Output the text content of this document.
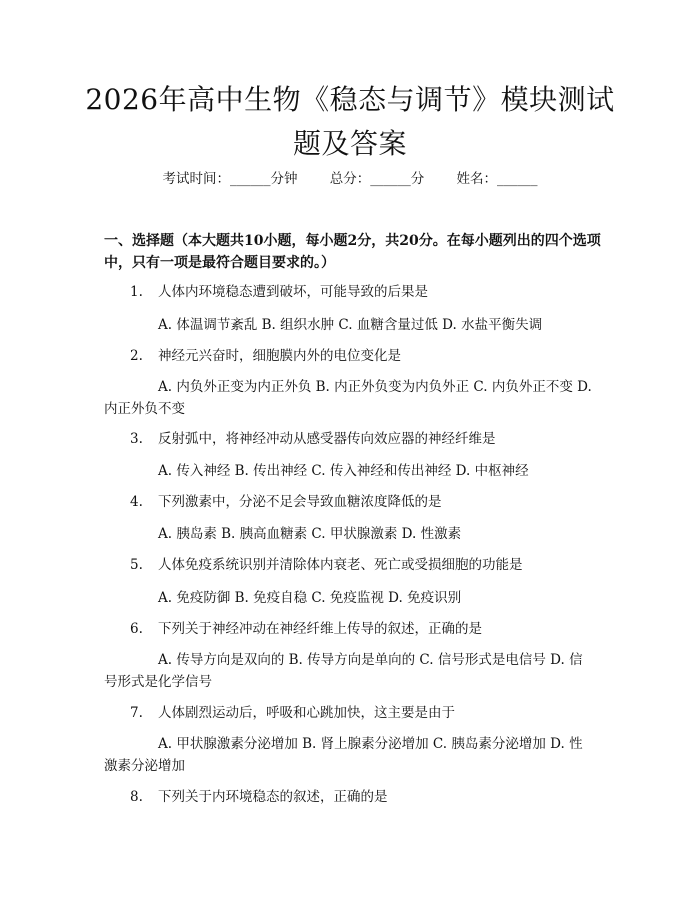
2026年高中生物《稳态与调节》模块测试题及答案
考试时间：______分钟 总分：______分 姓名：______
一、选择题（本大题共10小题，每小题2分，共20分。在每小题列出的四个选项中，只有一项是最符合题目要求的。）
1. 人体内环境稳态遭到破坏，可能导致的后果是
A. 体温调节紊乱 B. 组织水肿 C. 血糖含量过低 D. 水盐平衡失调
2. 神经元兴奋时，细胞膜内外的电位变化是
A. 内负外正变为内正外负 B. 内正外负变为内负外正 C. 内负外正不变 D. 内正外负不变
3. 反射弧中，将神经冲动从感受器传向效应器的神经纤维是
A. 传入神经 B. 传出神经 C. 传入神经和传出神经 D. 中枢神经
4. 下列激素中，分泌不足会导致血糖浓度降低的是
A. 胰岛素 B. 胰高血糖素 C. 甲状腺激素 D. 性激素
5. 人体免疫系统识别并清除体内衰老、死亡或受损细胞的功能是
A. 免疫防御 B. 免疫自稳 C. 免疫监视 D. 免疫识别
6. 下列关于神经冲动在神经纤维上传导的叙述，正确的是
A. 传导方向是双向的 B. 传导方向是单向的 C. 信号形式是电信号 D. 信号形式是化学信号
7. 人体剧烈运动后，呼吸和心跳加快，这主要是由于
A. 甲状腺激素分泌增加 B. 肾上腺素分泌增加 C. 胰岛素分泌增加 D. 性激素分泌增加
8. 下列关于内环境稳态的叙述，正确的是
